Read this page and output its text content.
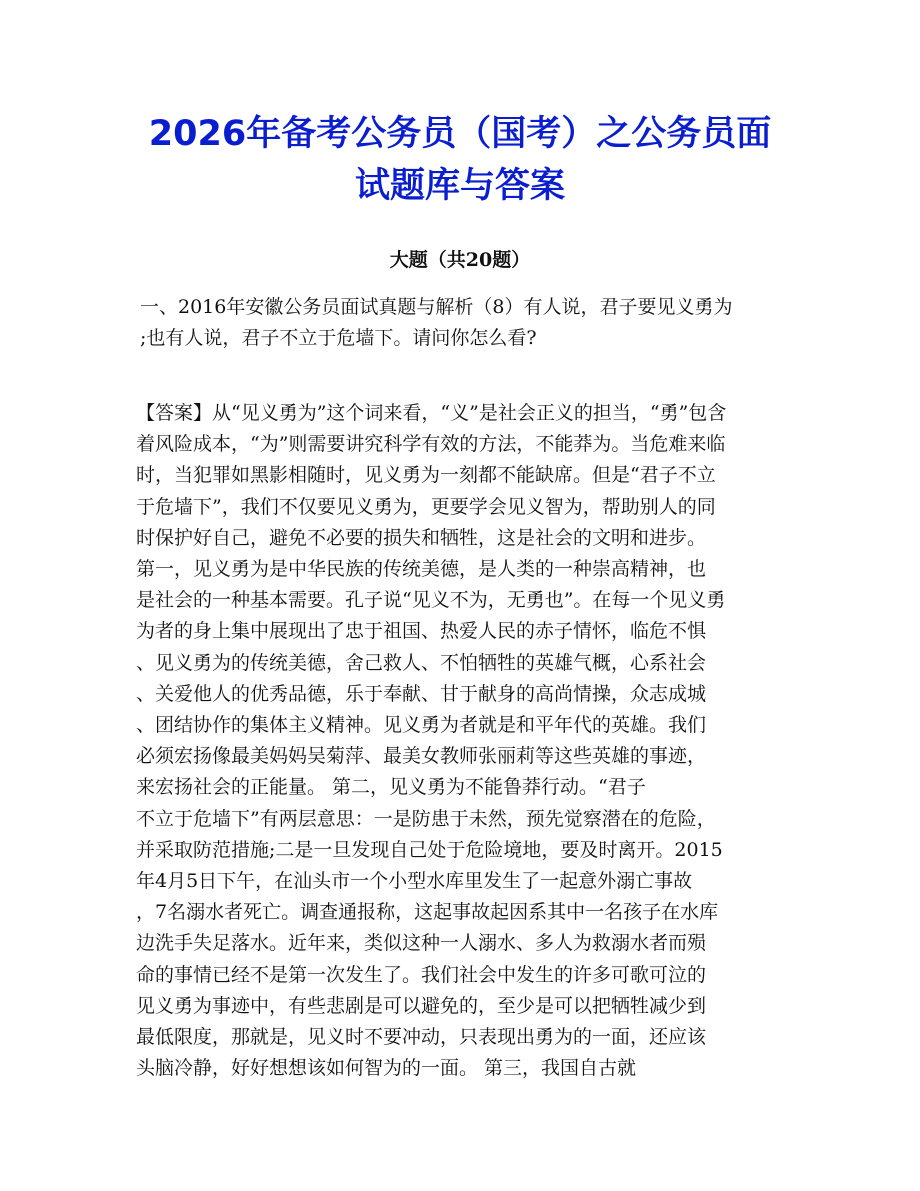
2026年备考公务员（国考）之公务员面
试题库与答案
大题（共20题）

一、2016年安徽公务员面试真题与解析（8）有人说，君子要见义勇为
;也有人说，君子不立于危墙下。请问你怎么看?

【答案】从“见义勇为”这个词来看，“义”是社会正义的担当，“勇”包含
着风险成本，“为”则需要讲究科学有效的方法，不能莽为。当危难来临
时，当犯罪如黑影相随时，见义勇为一刻都不能缺席。但是“君子不立
于危墙下”，我们不仅要见义勇为，更要学会见义智为，帮助别人的同
时保护好自己，避免不必要的损失和牺牲，这是社会的文明和进步。
第一，见义勇为是中华民族的传统美德，是人类的一种崇高精神，也
是社会的一种基本需要。孔子说“见义不为，无勇也”。在每一个见义勇
为者的身上集中展现出了忠于祖国、热爱人民的赤子情怀，临危不惧
、见义勇为的传统美德，舍己救人、不怕牺牲的英雄气概，心系社会
、关爱他人的优秀品德，乐于奉献、甘于献身的高尚情操，众志成城
、团结协作的集体主义精神。见义勇为者就是和平年代的英雄。我们
必须宏扬像最美妈妈吴菊萍、最美女教师张丽莉等这些英雄的事迹，
来宏扬社会的正能量。 第二，见义勇为不能鲁莽行动。“君子
不立于危墙下”有两层意思：一是防患于未然，预先觉察潜在的危险，
并采取防范措施;二是一旦发现自己处于危险境地，要及时离开。2015
年4月5日下午，在汕头市一个小型水库里发生了一起意外溺亡事故
，7名溺水者死亡。调查通报称，这起事故起因系其中一名孩子在水库
边洗手失足落水。近年来，类似这种一人溺水、多人为救溺水者而殒
命的事情已经不是第一次发生了。我们社会中发生的许多可歌可泣的
见义勇为事迹中，有些悲剧是可以避免的，至少是可以把牺牲减少到
最低限度，那就是，见义时不要冲动，只表现出勇为的一面，还应该
头脑冷静，好好想想该如何智为的一面。 第三，我国自古就
